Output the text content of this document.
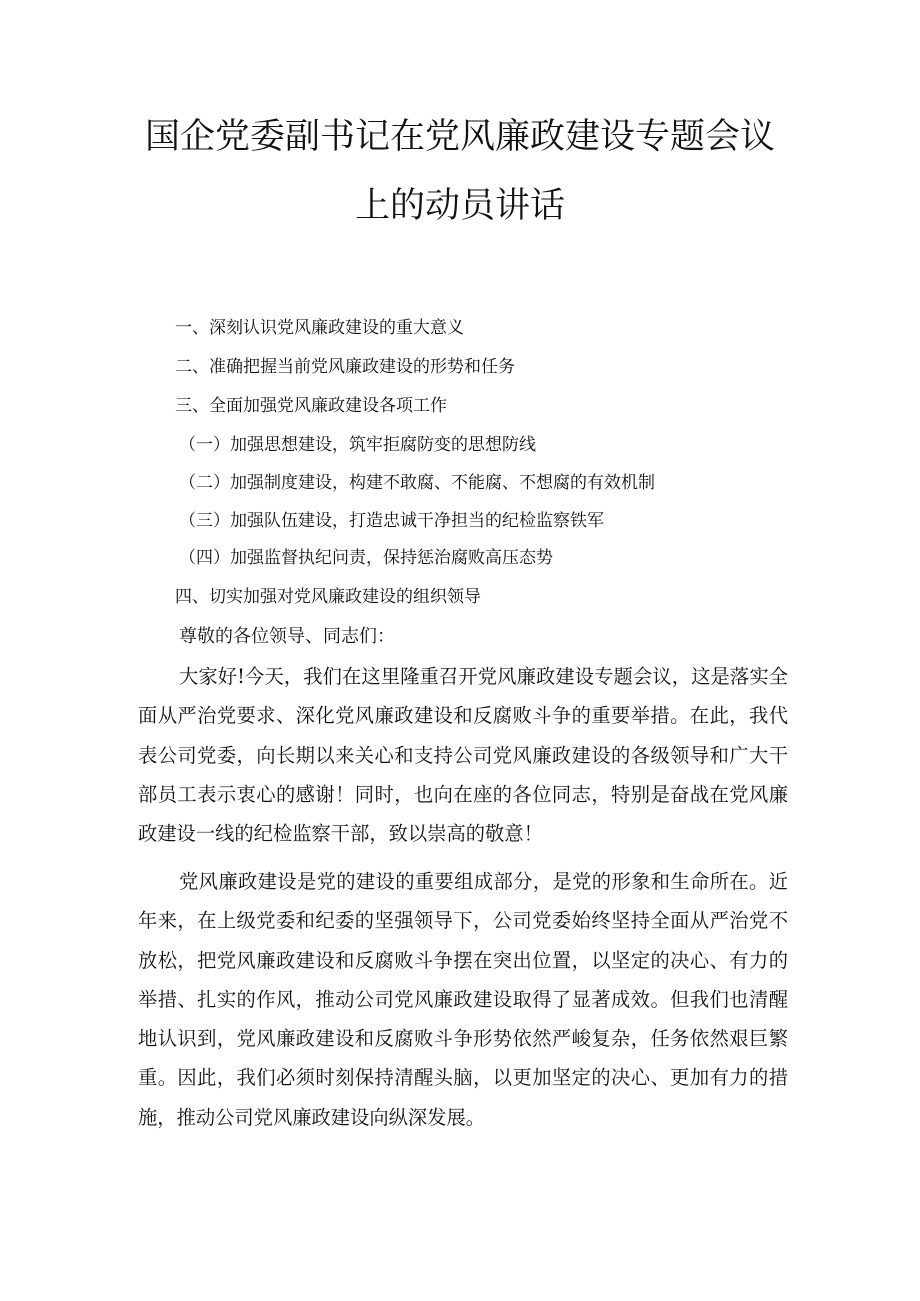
国企党委副书记在党风廉政建设专题会议
上的动员讲话
一、深刻认识党风廉政建设的重大意义
二、准确把握当前党风廉政建设的形势和任务
三、全面加强党风廉政建设各项工作
（一）加强思想建设，筑牢拒腐防变的思想防线
（二）加强制度建设，构建不敢腐、不能腐、不想腐的有效机制
（三）加强队伍建设，打造忠诚干净担当的纪检监察铁军
（四）加强监督执纪问责，保持惩治腐败高压态势
四、切实加强对党风廉政建设的组织领导

尊敬的各位领导、同志们：

大家好!今天，我们在这里隆重召开党风廉政建设专题会议，这是落实全面从严治党要求、深化党风廉政建设和反腐败斗争的重要举措。在此，我代表公司党委，向长期以来关心和支持公司党风廉政建设的各级领导和广大干部员工表示衷心的感谢！同时，也向在座的各位同志，特别是奋战在党风廉政建设一线的纪检监察干部，致以崇高的敬意！

党风廉政建设是党的建设的重要组成部分，是党的形象和生命所在。近年来，在上级党委和纪委的坚强领导下，公司党委始终坚持全面从严治党不放松，把党风廉政建设和反腐败斗争摆在突出位置，以坚定的决心、有力的举措、扎实的作风，推动公司党风廉政建设取得了显著成效。但我们也清醒地认识到，党风廉政建设和反腐败斗争形势依然严峻复杂，任务依然艰巨繁重。因此，我们必须时刻保持清醒头脑，以更加坚定的决心、更加有力的措施，推动公司党风廉政建设向纵深发展。
